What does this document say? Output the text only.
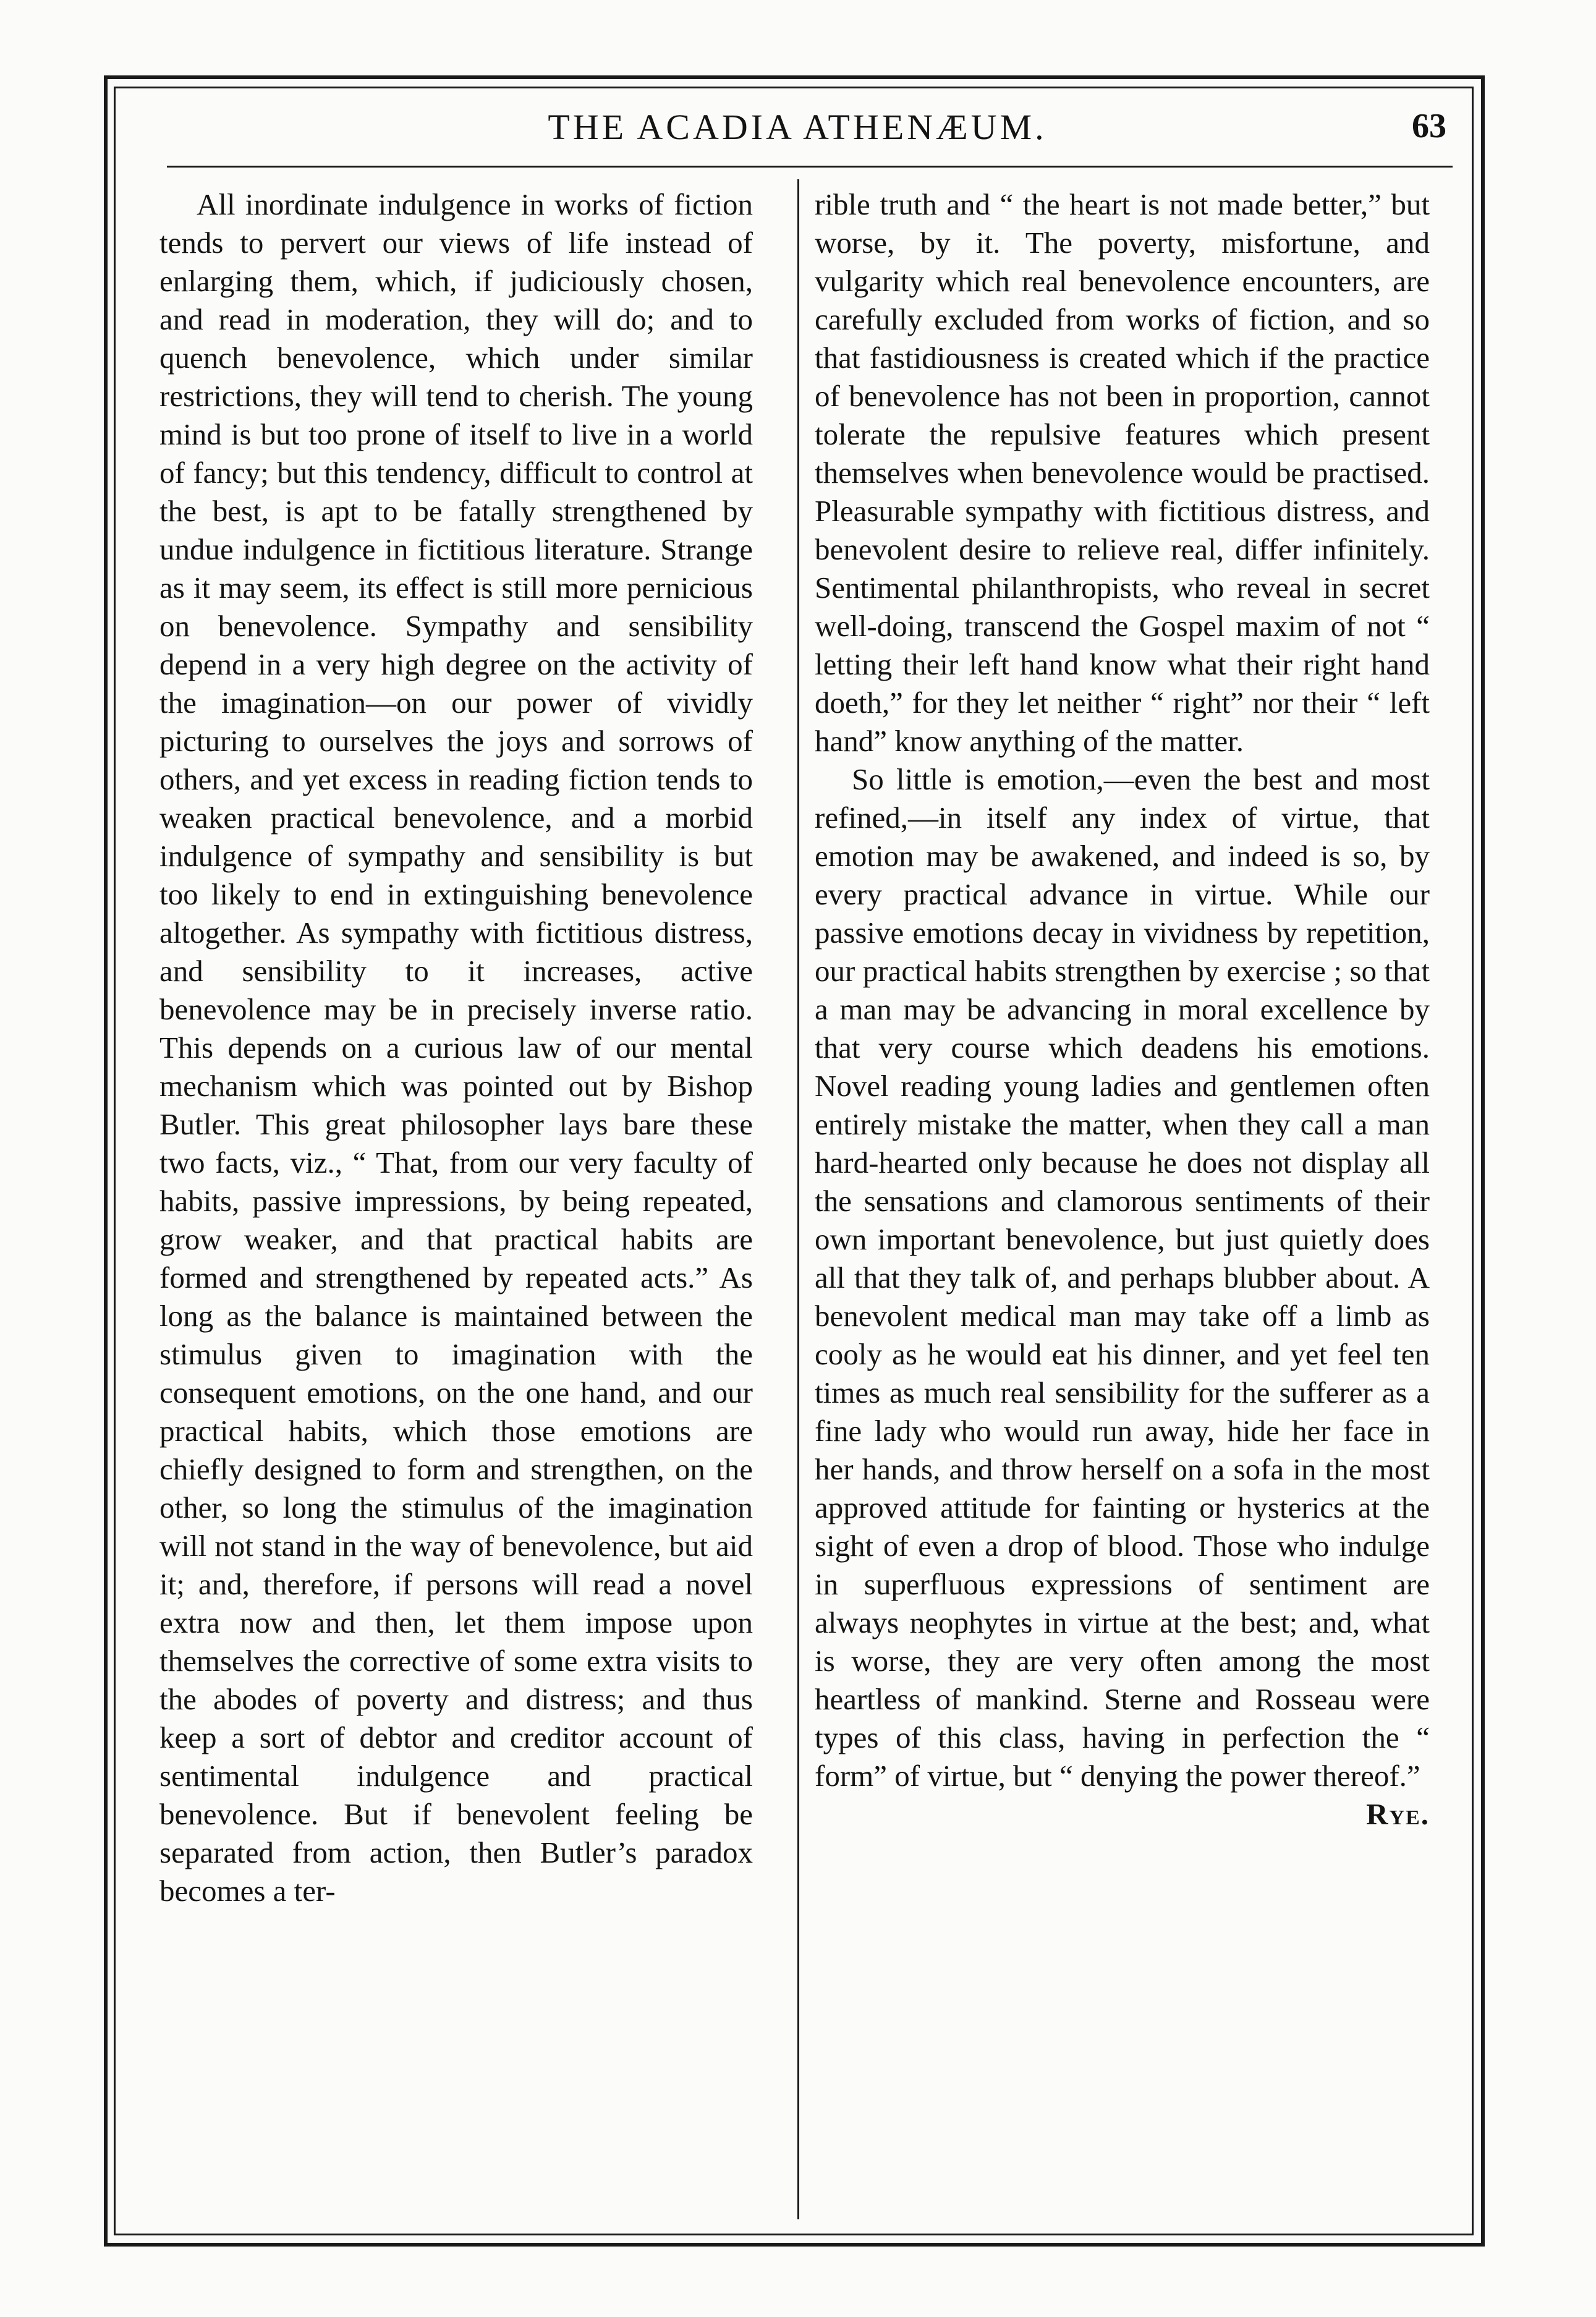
THE ACADIA ATHENÆUM.	63

All inordinate indulgence in works of fiction tends to pervert our views of life instead of enlarging them, which, if judiciously chosen, and read in moderation, they will do; and to quench benevolence, which under similar restrictions, they will tend to cherish. The young mind is but too prone of itself to live in a world of fancy; but this tendency, difficult to control at the best, is apt to be fatally strengthened by undue indulgence in fictitious literature. Strange as it may seem, its effect is still more pernicious on benevolence. Sympathy and sensibility depend in a very high degree on the activity of the imagination—on our power of vividly picturing to ourselves the joys and sorrows of others, and yet excess in reading fiction tends to weaken practical benevolence, and a morbid indulgence of sympathy and sensibility is but too likely to end in extinguishing benevolence altogether. As sympathy with fictitious distress, and sensibility to it increases, active benevolence may be in precisely inverse ratio. This depends on a curious law of our mental mechanism which was pointed out by Bishop Butler. This great philosopher lays bare these two facts, viz., “ That, from our very faculty of habits, passive impressions, by being repeated, grow weaker, and that practical habits are formed and strengthened by repeated acts.” As long as the balance is maintained between the stimulus given to imagination with the consequent emotions, on the one hand, and our practical habits, which those emotions are chiefly designed to form and strengthen, on the other, so long the stimulus of the imagination will not stand in the way of benevolence, but aid it; and, therefore, if persons will read a novel extra now and then, let them impose upon themselves the corrective of some extra visits to the abodes of poverty and distress; and thus keep a sort of debtor and creditor account of sentimental indulgence and practical benevolence. But if benevolent feeling be separated from action, then Butler’s paradox becomes a ter-

rible truth and “ the heart is not made better,” but worse, by it. The poverty, misfortune, and vulgarity which real benevolence encounters, are carefully excluded from works of fiction, and so that fastidiousness is created which if the practice of benevolence has not been in proportion, cannot tolerate the repulsive features which present themselves when benevolence would be practised. Pleasurable sympathy with fictitious distress, and benevolent desire to relieve real, differ infinitely. Sentimental philanthropists, who reveal in secret well-doing, transcend the Gospel maxim of not “ letting their left hand know what their right hand doeth,” for they let neither “ right” nor their “ left hand” know anything of the matter.

So little is emotion,—even the best and most refined,—in itself any index of virtue, that emotion may be awakened, and indeed is so, by every practical advance in virtue. While our passive emotions decay in vividness by repetition, our practical habits strengthen by exercise ; so that a man may be advancing in moral excellence by that very course which deadens his emotions. Novel reading young ladies and gentlemen often entirely mistake the matter, when they call a man hard-hearted only because he does not display all the sensations and clamorous sentiments of their own important benevolence, but just quietly does all that they talk of, and perhaps blubber about. A benevolent medical man may take off a limb as cooly as he would eat his dinner, and yet feel ten times as much real sensibility for the sufferer as a fine lady who would run away, hide her face in her hands, and throw herself on a sofa in the most approved attitude for fainting or hysterics at the sight of even a drop of blood. Those who indulge in superfluous expressions of sentiment are always neophytes in virtue at the best; and, what is worse, they are very often among the most heartless of mankind. Sterne and Rosseau were types of this class, having in perfection the “ form” of virtue, but “ denying the power thereof.”
Rye.
